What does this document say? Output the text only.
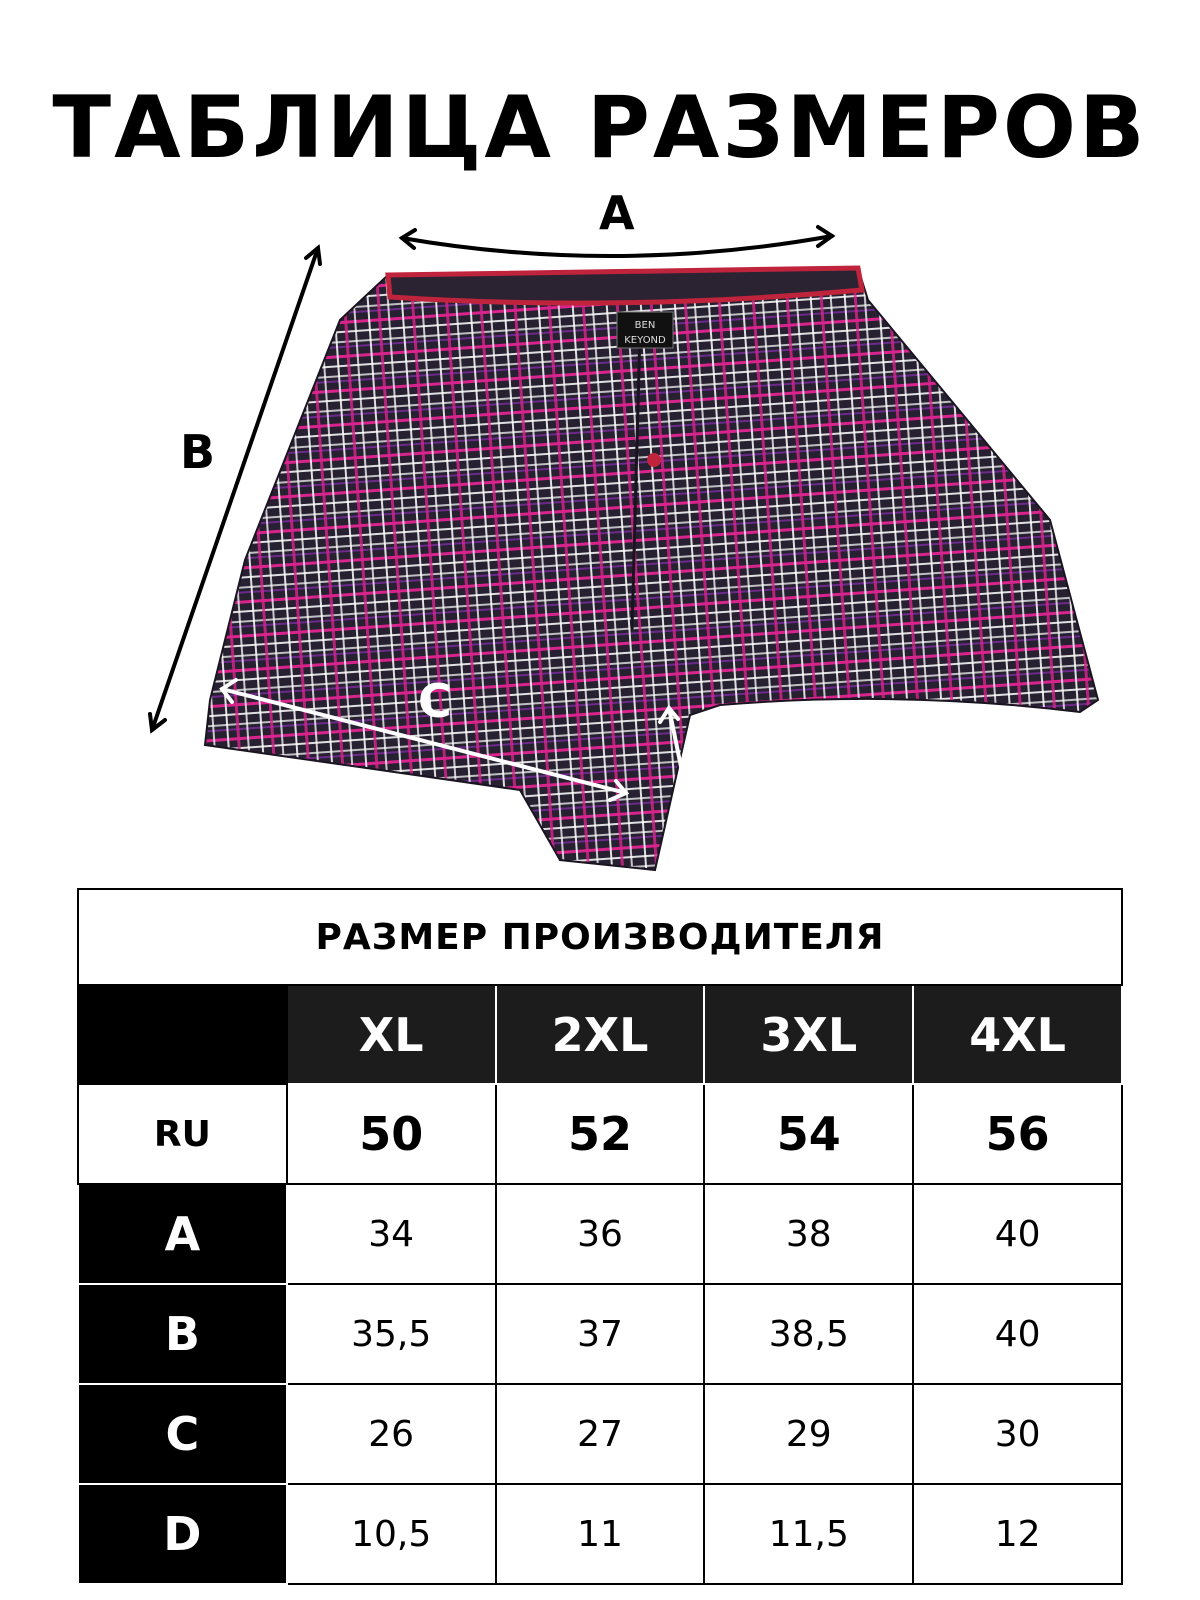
ТАБЛИЦА РАЗМЕРОВ
BEN
KEYOND
A
B
C
D
РАЗМЕР ПРОИЗВОДИТЕЛЯ				
	XL	2XL	3XL	4XL
RU	50	52	54	56
A	34	36	38	40
B	35,5	37	38,5	40
C	26	27	29	30
D	10,5	11	11,5	12
